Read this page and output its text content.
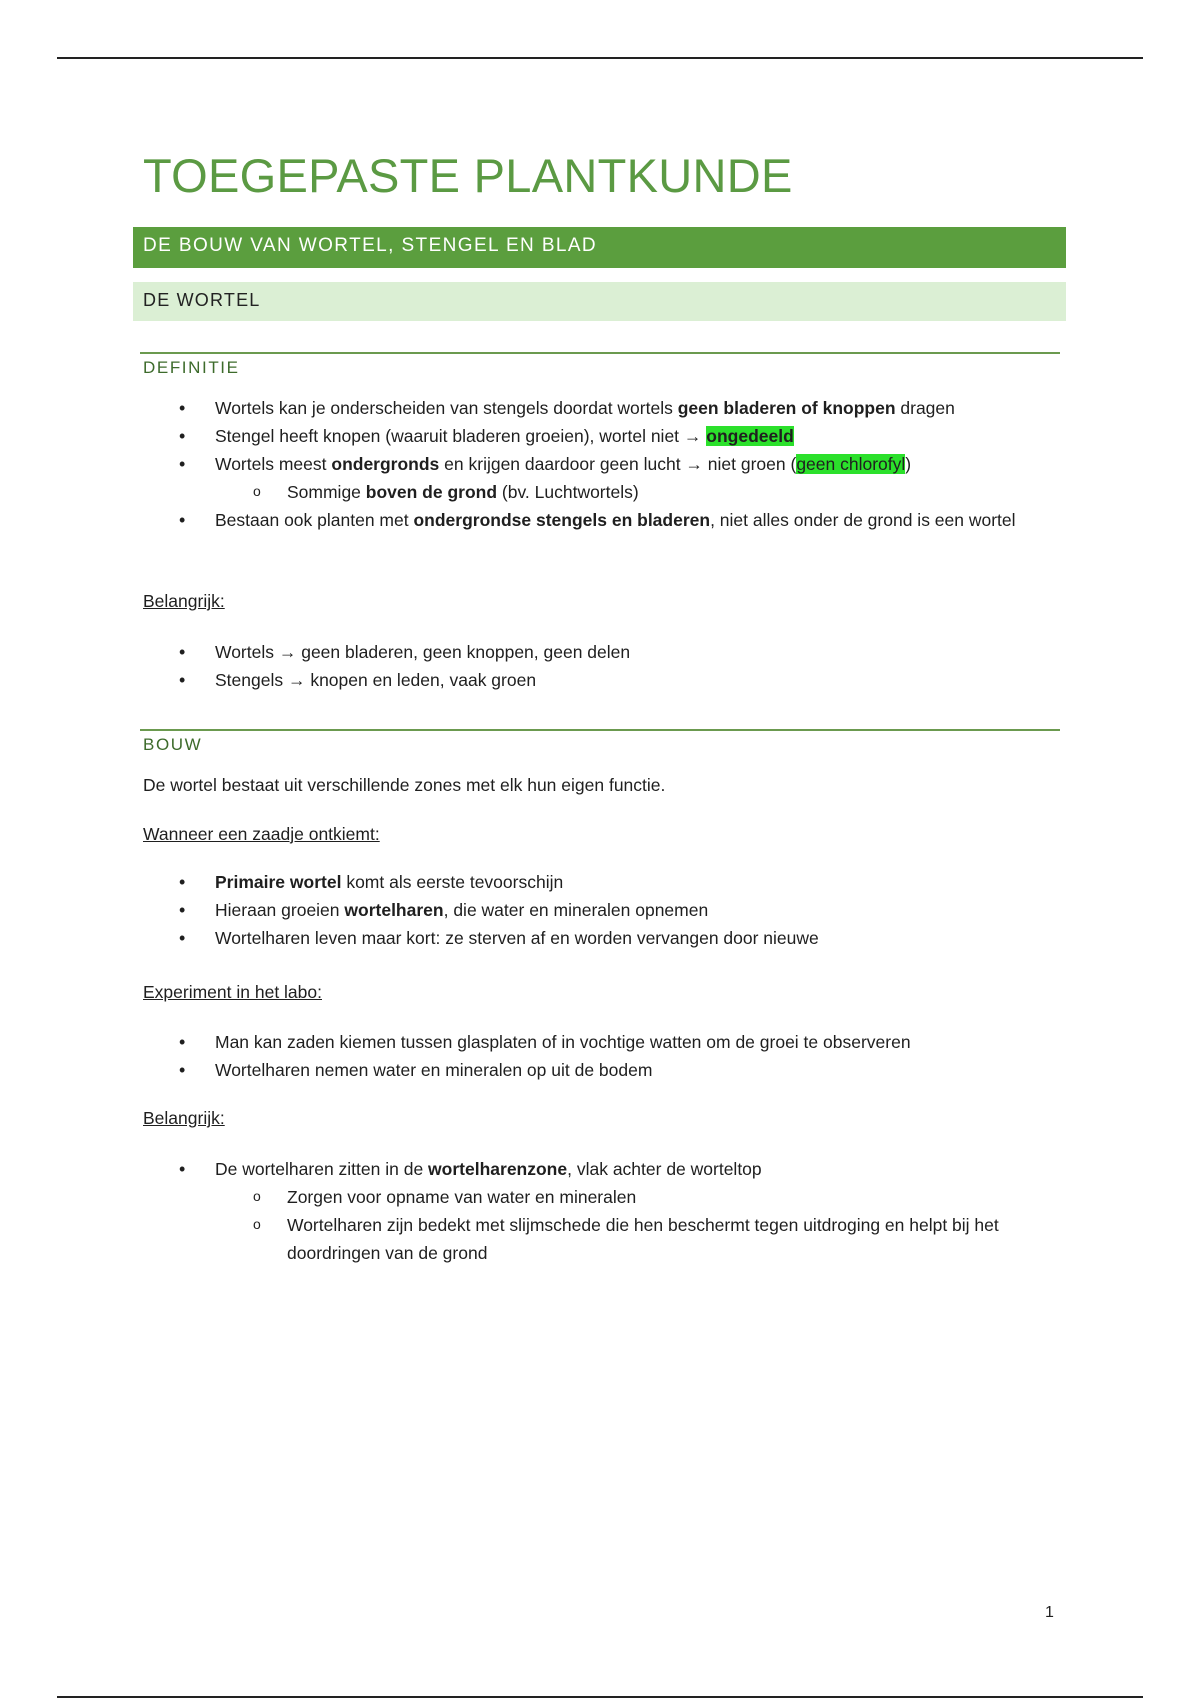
TOEGEPASTE PLANTKUNDE
DE BOUW VAN WORTEL, STENGEL EN BLAD
DE WORTEL
DEFINITIE
• Wortels kan je onderscheiden van stengels doordat wortels geen bladeren of knoppen dragen
• Stengel heeft knopen (waaruit bladeren groeien), wortel niet → ongedeeld
• Wortels meest ondergronds en krijgen daardoor geen lucht → niet groen (geen chlorofyl)
o Sommige boven de grond (bv. Luchtwortels)
• Bestaan ook planten met ondergrondse stengels en bladeren, niet alles onder de grond is een wortel

Belangrijk:

• Wortels → geen bladeren, geen knoppen, geen delen
• Stengels → knopen en leden, vaak groen
BOUW

De wortel bestaat uit verschillende zones met elk hun eigen functie.

Wanneer een zaadje ontkiemt:

• Primaire wortel komt als eerste tevoorschijn
• Hieraan groeien wortelharen, die water en mineralen opnemen
• Wortelharen leven maar kort: ze sterven af en worden vervangen door nieuwe

Experiment in het labo:

• Man kan zaden kiemen tussen glasplaten of in vochtige watten om de groei te observeren
• Wortelharen nemen water en mineralen op uit de bodem

Belangrijk:

• De wortelharen zitten in de wortelharenzone, vlak achter de worteltop
o Zorgen voor opname van water en mineralen
o Wortelharen zijn bedekt met slijmschede die hen beschermt tegen uitdroging en helpt bij het doordringen van de grond
1
